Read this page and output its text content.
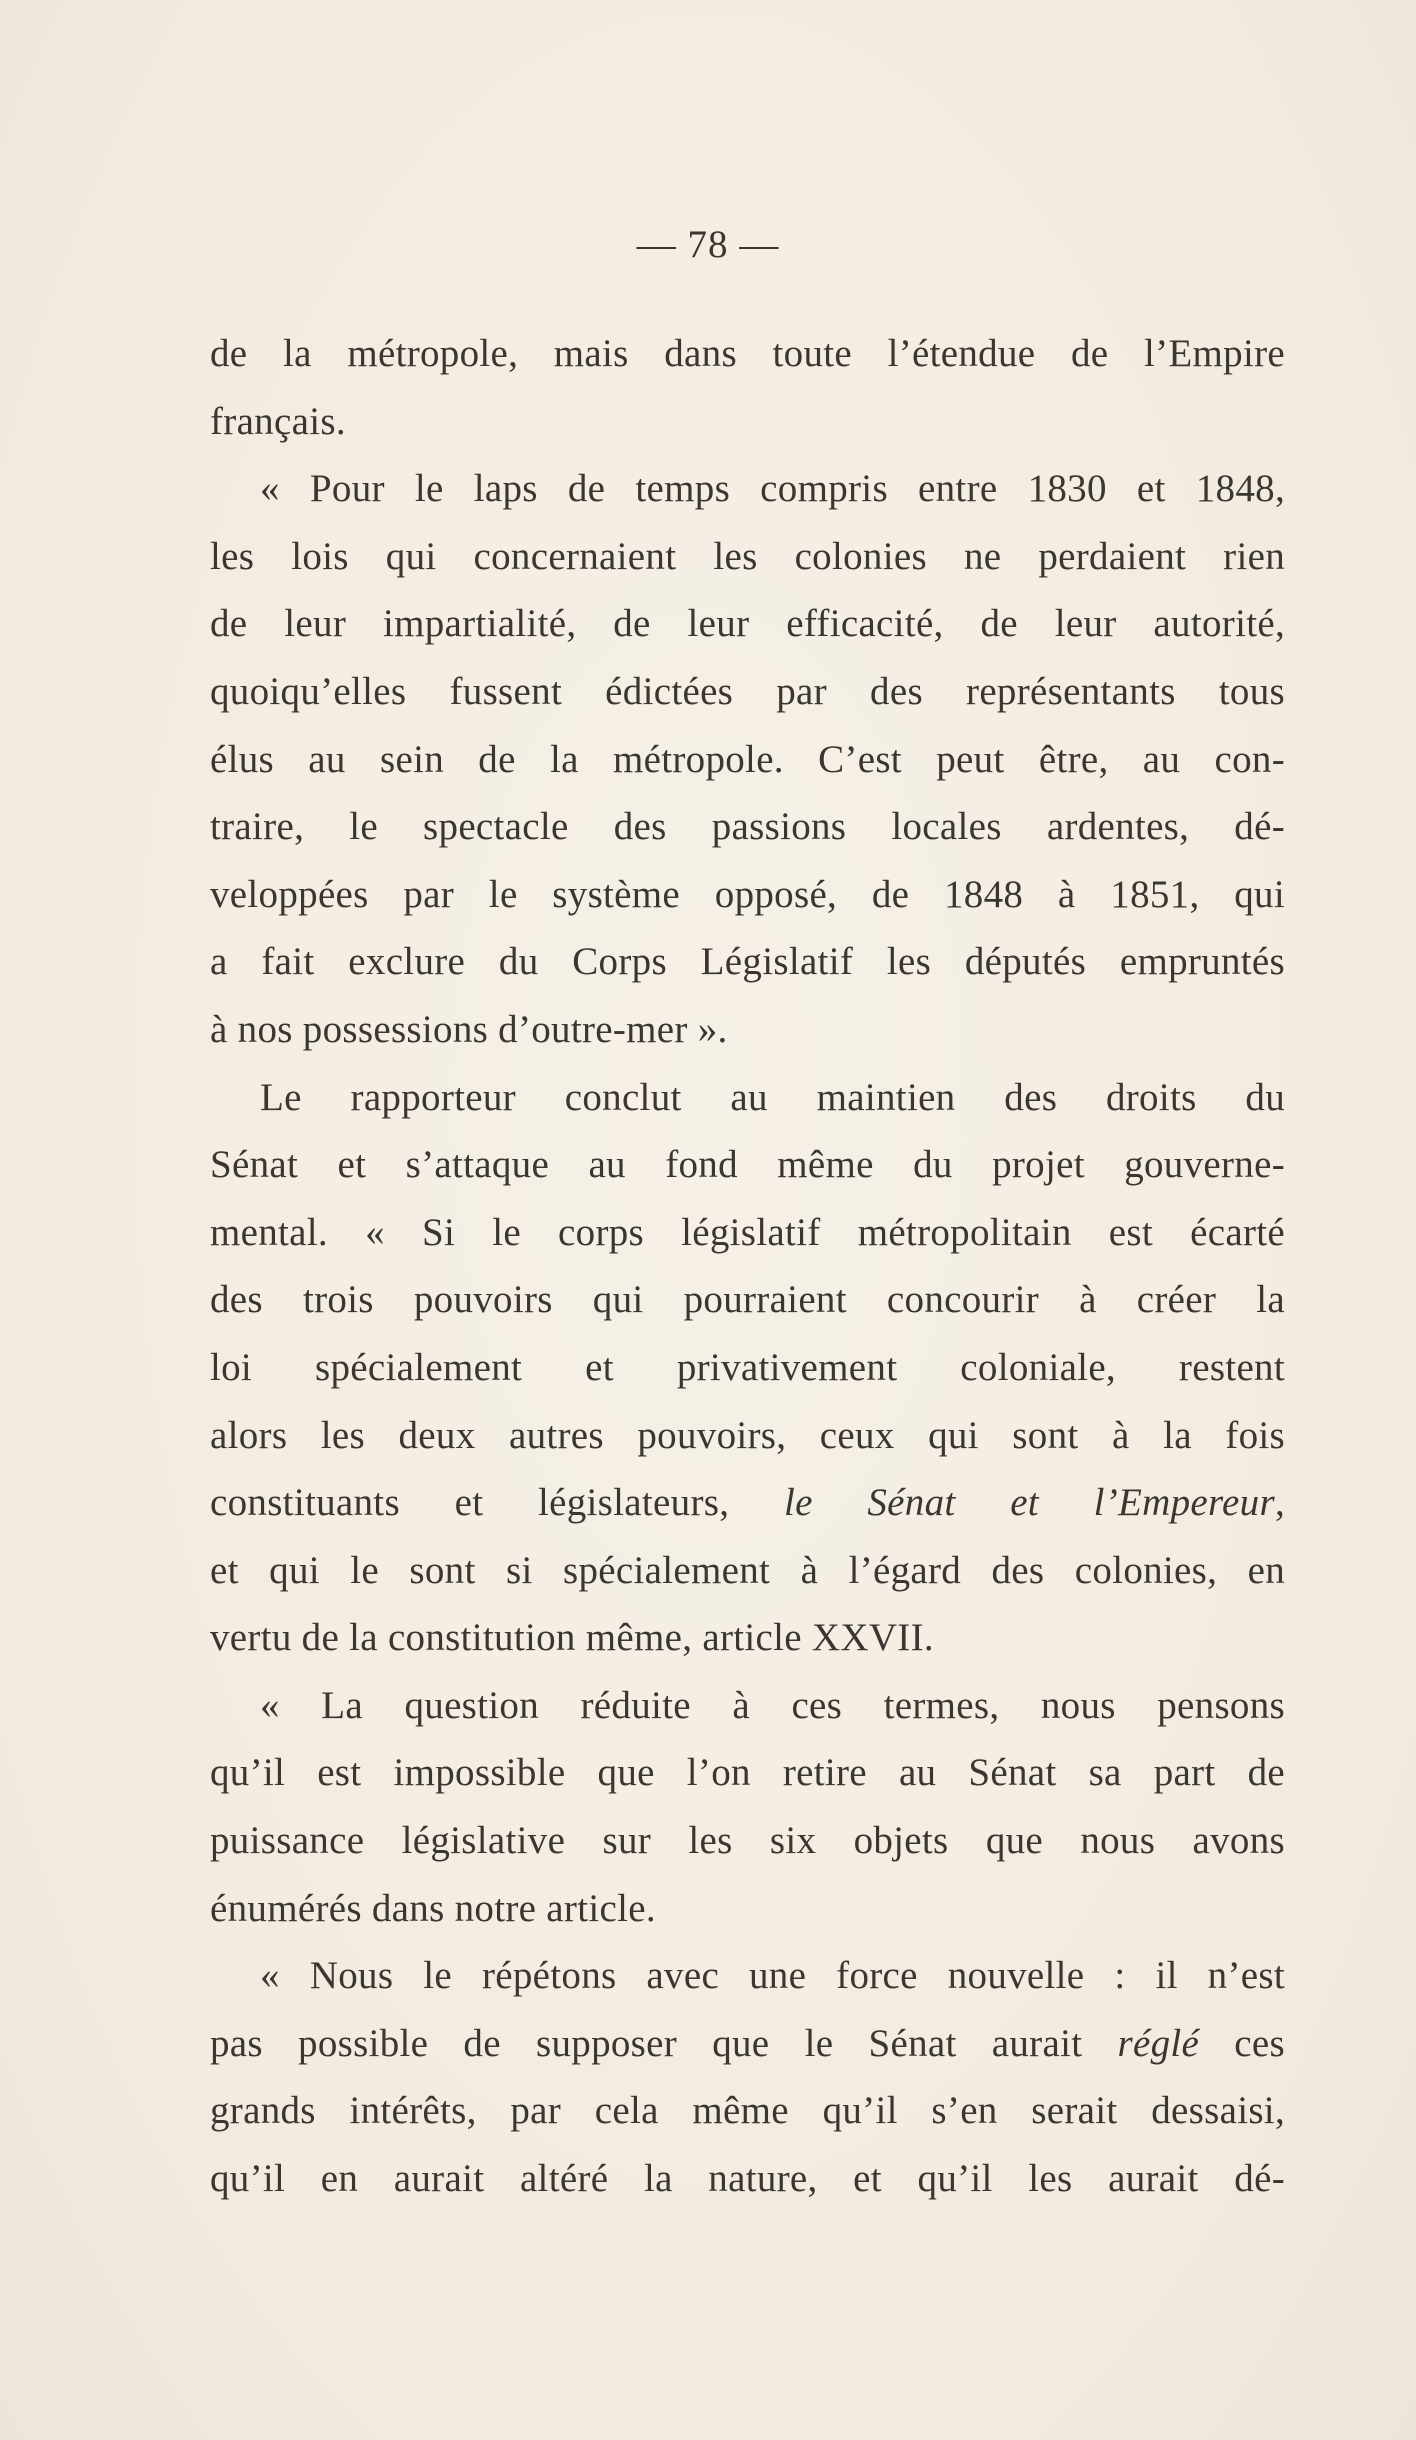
— 78 —
de la métropole, mais dans toute l’étendue de l’Empire
français.
« Pour le laps de temps compris entre 1830 et 1848,
les lois qui concernaient les colonies ne perdaient rien
de leur impartialité, de leur efficacité, de leur autorité,
quoiqu’elles fussent édictées par des représentants tous
élus au sein de la métropole. C’est peut être, au con-
traire, le spectacle des passions locales ardentes, dé-
veloppées par le système opposé, de 1848 à 1851, qui
a fait exclure du Corps Législatif les députés empruntés
à nos possessions d’outre-mer ».
Le rapporteur conclut au maintien des droits du
Sénat et s’attaque au fond même du projet gouverne-
mental. « Si le corps législatif métropolitain est écarté
des trois pouvoirs qui pourraient concourir à créer la
loi spécialement et privativement coloniale, restent
alors les deux autres pouvoirs, ceux qui sont à la fois
constituants et législateurs, le Sénat et l’Empereur,
et qui le sont si spécialement à l’égard des colonies, en
vertu de la constitution même, article XXVII.
« La question réduite à ces termes, nous pensons
qu’il est impossible que l’on retire au Sénat sa part de
puissance législative sur les six objets que nous avons
énumérés dans notre article.
« Nous le répétons avec une force nouvelle : il n’est
pas possible de supposer que le Sénat aurait réglé ces
grands intérêts, par cela même qu’il s’en serait dessaisi,
qu’il en aurait altéré la nature, et qu’il les aurait dé-
